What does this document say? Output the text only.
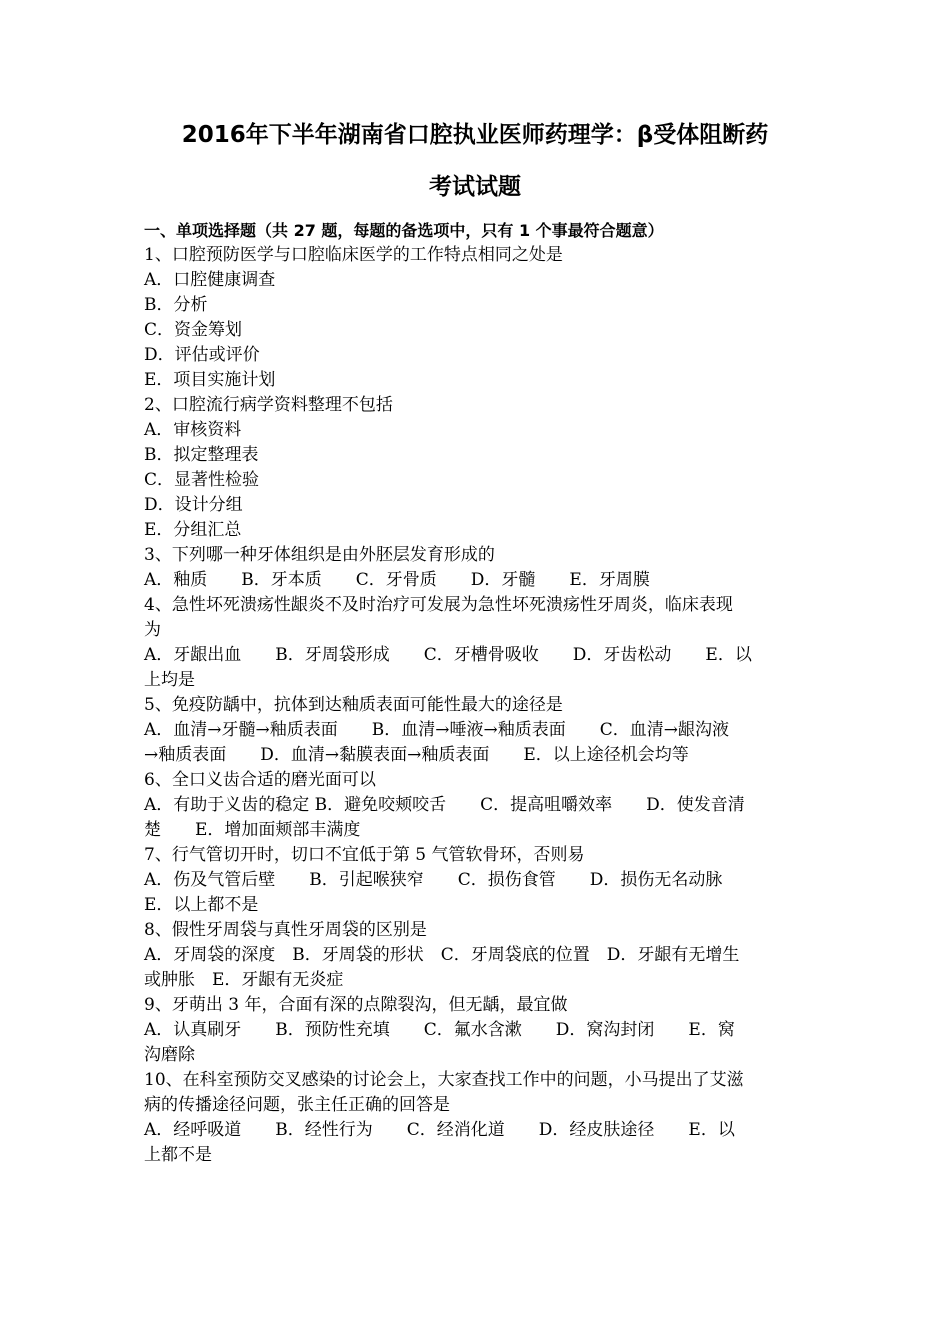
2016年下半年湖南省口腔执业医师药理学：β受体阻断药
考试试题
一、单项选择题（共 27 题，每题的备选项中，只有 1 个事最符合题意）
1、口腔预防医学与口腔临床医学的工作特点相同之处是
A．口腔健康调查
B．分析
C．资金筹划
D．评估或评价
E．项目实施计划
2、口腔流行病学资料整理不包括
A．审核资料
B．拟定整理表
C．显著性检验
D．设计分组
E．分组汇总
3、下列哪一种牙体组织是由外胚层发育形成的
A．釉质　　B．牙本质　　C．牙骨质　　D．牙髓　　E．牙周膜
4、急性坏死溃疡性龈炎不及时治疗可发展为急性坏死溃疡性牙周炎，临床表现
为
A．牙龈出血　　B．牙周袋形成　　C．牙槽骨吸收　　D．牙齿松动　　E．以
上均是
5、免疫防龋中，抗体到达釉质表面可能性最大的途径是
A．血清→牙髓→釉质表面　　B．血清→唾液→釉质表面　　C．血清→龈沟液
→釉质表面　　D．血清→黏膜表面→釉质表面　　E．以上途径机会均等
6、全口义齿合适的磨光面可以
A．有助于义齿的稳定 B．避免咬颊咬舌　　C．提高咀嚼效率　　D．使发音清
楚　　E．增加面颊部丰满度
7、行气管切开时，切口不宜低于第 5 气管软骨环，否则易
A．伤及气管后壁　　B．引起喉狭窄　　C．损伤食管　　D．损伤无名动脉
E．以上都不是
8、假性牙周袋与真性牙周袋的区别是
A．牙周袋的深度　B．牙周袋的形状　C．牙周袋底的位置　D．牙龈有无增生
或肿胀　E．牙龈有无炎症
9、牙萌出 3 年，合面有深的点隙裂沟，但无龋，最宜做
A．认真刷牙　　B．预防性充填　　C．氟水含漱　　D．窝沟封闭　　E．窝
沟磨除
10、在科室预防交叉感染的讨论会上，大家查找工作中的问题，小马提出了艾滋
病的传播途径问题，张主任正确的回答是
A．经呼吸道　　B．经性行为　　C．经消化道　　D．经皮肤途径　　E．以
上都不是
